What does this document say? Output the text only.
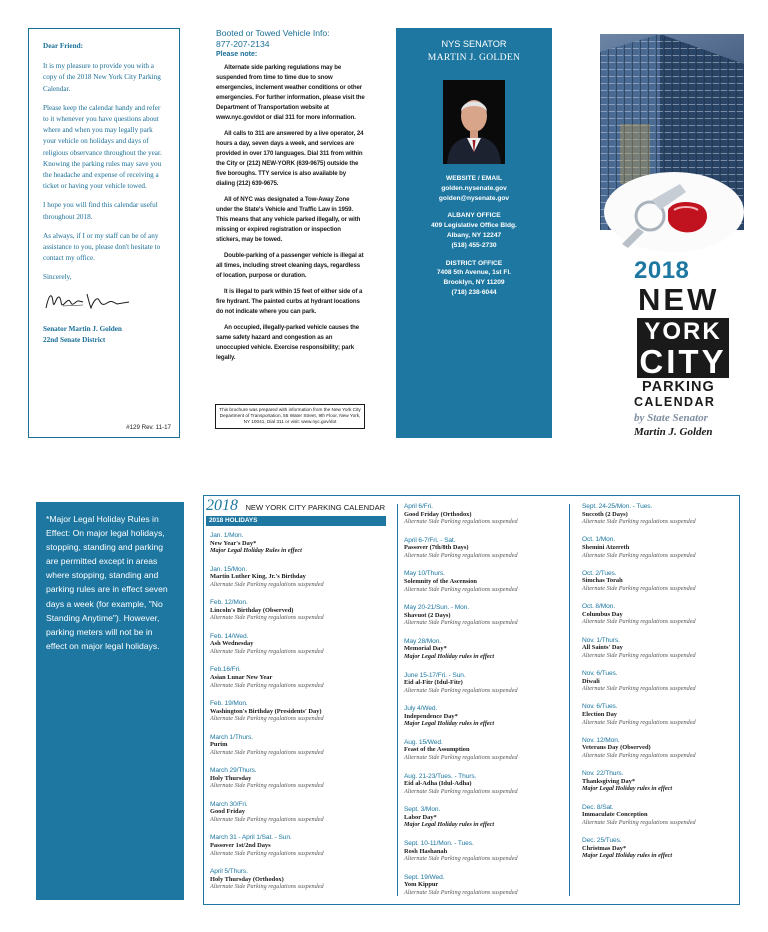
Dear Friend:

It is my pleasure to provide you with a copy of the 2018 New York City Parking Calendar.

Please keep the calendar handy and refer to it whenever you have questions about where and when you may legally park your vehicle on holidays and days of religious observance throughout the year. Knowing the parking rules may save you the headache and expense of receiving a ticket or having your vehicle towed.

I hope you will find this calendar useful throughout 2018.

As always, if I or my staff can be of any assistance to you, please don't hesitate to contact my office.

Sincerely,

Senator Martin J. Golden

22nd Senate District

#129 Rev. 11-17
Booted or Towed Vehicle Info:
877-207-2134
Please note:

Alternate side parking regulations may be suspended from time to time due to snow emergencies, inclement weather conditions or other emergencies. For further information, please visit the Department of Transportation website at www.nyc.gov/dot or dial 311 for more information.

All calls to 311 are answered by a live operator, 24 hours a day, seven days a week, and services are provided in over 170 languages. Dial 311 from within the City or (212) NEW-YORK (639-9675) outside the five boroughs. TTY service is also available by dialing (212) 639-9675.

All of NYC was designated a Tow-Away Zone under the State's Vehicle and Traffic Law in 1959. This means that any vehicle parked illegally, or with missing or expired registration or inspection stickers, may be towed.

Double-parking of a passenger vehicle is illegal at all times, including street cleaning days, regardless of location, purpose or duration.

It is illegal to park within 15 feet of either side of a fire hydrant. The painted curbs at hydrant locations do not indicate where you can park.

An occupied, illegally-parked vehicle causes the same safety hazard and congestion as an unoccupied vehicle. Exercise responsibility; park legally.

This brochure was prepared with information from the New York City Department of Transportation, 55 Water Street, 9th Floor, New York, NY 10041, Dial 311 or visit: www.nyc.gov/dot
NYS SENATOR
MARTIN J. GOLDEN
WEBSITE / EMAIL
golden.nysenate.gov
golden@nysenate.gov
ALBANY OFFICE
409 Legislative Office Bldg.
Albany, NY 12247
(518) 455-2730
DISTRICT OFFICE
7408 5th Avenue, 1st Fl.
Brooklyn, NY 11209
(718) 238-6044
2018
NEW
YORK
CITY
PARKING
CALENDAR
by State Senator
Martin J. Golden

*Major Legal Holiday Rules in Effect: On major legal holidays, stopping, standing and parking are permitted except in areas where stopping, standing and parking rules are in effect seven days a week (for example, "No Standing Anytime"). However, parking meters will not be in effect on major legal holidays.

2018 NEW YORK CITY PARKING CALENDAR
2018 HOLIDAYS
Jan. 1/Mon.
New Year's Day*
Major Legal Holiday Rules in effect
Jan. 15/Mon.
Martin Luther King, Jr.'s Birthday
Alternate Side Parking regulations suspended
Feb. 12/Mon.
Lincoln's Birthday (Observed)
Alternate Side Parking regulations suspended
Feb. 14/Wed.
Ash Wednesday
Alternate Side Parking regulations suspended
Feb.16/Fri.
Asian Lunar New Year
Alternate Side Parking regulations suspended
Feb. 19/Mon.
Washington's Birthday (Presidents' Day)
Alternate Side Parking regulations suspended
March 1/Thurs.
Purim
Alternate Side Parking regulations suspended
March 29/Thurs.
Holy Thursday
Alternate Side Parking regulations suspended
March 30/Fri.
Good Friday
Alternate Side Parking regulations suspended
March 31 - April 1/Sat. - Sun.
Passover 1st/2nd Days
Alternate Side Parking regulations suspended
April 5/Thurs.
Holy Thursday (Orthodox)
Alternate Side Parking regulations suspended
April 6/Fri.
Good Friday (Orthodox)
Alternate Side Parking regulations suspended
April 6-7/Fri. - Sat.
Passover (7th/8th Days)
Alternate Side Parking regulations suspended
May 10/Thurs.
Solemnity of the Ascension
Alternate Side Parking regulations suspended
May 20-21/Sun. - Mon.
Shavuot (2 Days)
Alternate Side Parking regulations suspended
May 28/Mon.
Memorial Day*
Major Legal Holiday rules in effect
June 15-17/Fri. - Sun.
Eid al-Fitr (Idul-Fitr)
Alternate Side Parking regulations suspended
July 4/Wed.
Independence Day*
Major Legal Holiday rules in effect
Aug. 15/Wed.
Feast of the Assumption
Alternate Side Parking regulations suspended
Aug. 21-23/Tues. - Thurs.
Eid al-Adha (Idul-Adha)
Alternate Side Parking regulations suspended
Sept. 3/Mon.
Labor Day*
Major Legal Holiday rules in effect
Sept. 10-11/Mon. - Tues.
Rosh Hashanah
Alternate Side Parking regulations suspended
Sept. 19/Wed.
Yom Kippur
Alternate Side Parking regulations suspended
Sept. 24-25/Mon. - Tues.
Succoth (2 Days)
Alternate Side Parking regulations suspended
Oct. 1/Mon.
Shemini Atzereth
Alternate Side Parking regulations suspended
Oct. 2/Tues.
Simchas Torah
Alternate Side Parking regulations suspended
Oct. 8/Mon.
Columbus Day
Alternate Side Parking regulations suspended
Nov. 1/Thurs.
All Saints' Day
Alternate Side Parking regulations suspended
Nov. 6/Tues.
Diwali
Alternate Side Parking regulations suspended
Nov. 6/Tues.
Election Day
Alternate Side Parking regulations suspended
Nov. 12/Mon.
Veterans Day (Observed)
Alternate Side Parking regulations suspended
Nov. 22/Thurs.
Thanksgiving Day*
Major Legal Holiday rules in effect
Dec. 8/Sat.
Immaculate Conception
Alternate Side Parking regulations suspended
Dec. 25/Tues.
Christmas Day*
Major Legal Holiday rules in effect
